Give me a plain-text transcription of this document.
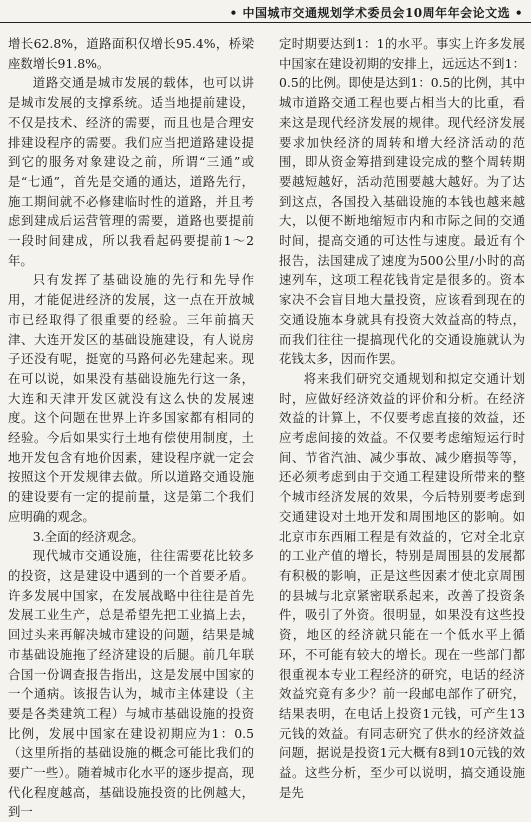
• 中国城市交通规划学术委员会10周年年会论文选 •

增长62.8%，道路面积仅增长95.4%，桥梁座数增长91.8%。

道路交通是城市发展的载体，也可以讲是城市发展的支撑系统。适当地提前建设，不仅是技术、经济的需要，而且也是合理安排建设程序的需要。我们应当把道路建设提到它的服务对象建设之前，所谓“三通”或是“七通”，首先是交通的通达，道路先行，施工期间就不必修建临时性的道路，并且考虑到建成后运营管理的需要，道路也要提前一段时间建成，所以我看起码要提前1～2年。

只有发挥了基础设施的先行和先导作用，才能促进经济的发展，这一点在开放城市已经取得了很重要的经验。三年前搞天津、大连开发区的基础设施建设，有人说房子还没有呢，挺宽的马路何必先建起来。现在可以说，如果没有基础设施先行这一条，大连和天津开发区就没有这么快的发展速度。这个问题在世界上许多国家都有相同的经验。今后如果实行土地有偿使用制度，土地开发包含有地价因素，建设程序就一定会按照这个开发规律去做。所以道路交通设施的建设要有一定的提前量，这是第二个我们应明确的观念。

3.全面的经济观念。

现代城市交通设施，往往需要花比较多的投资，这是建设中遇到的一个首要矛盾。许多发展中国家，在发展战略中往往是首先发展工业生产，总是希望先把工业搞上去，回过头来再解决城市建设的问题，结果是城市基础设施拖了经济建设的后腿。前几年联合国一份调查报告指出，这是发展中国家的一个通病。该报告认为，城市主体建设（主要是各类建筑工程）与城市基础设施的投资比例，发展中国家在建设初期应为1：0.5（这里所指的基础设施的概念可能比我们的要广一些）。随着城市化水平的逐步提高，现代化程度越高，基础设施投资的比例越大，到一

定时期要达到1：1的水平。事实上许多发展中国家在建设初期的安排上，远远达不到1：0.5的比例。即使是达到1：0.5的比例，其中城市道路交通工程也要占相当大的比重，看来这是现代经济发展的规律。现代经济发展要求加快经济的周转和增大经济活动的范围，即从资金筹措到建设完成的整个周转期要越短越好，活动范围要越大越好。为了达到这点，各国投入基础设施的本钱也越来越大，以便不断地缩短市内和市际之间的交通时间，提高交通的可达性与速度。最近有个报告，法国建成了速度为500公里/小时的高速列车，这项工程花钱肯定是很多的。资本家决不会盲目地大量投资，应该看到现在的交通设施本身就具有投资大效益高的特点，而我们往往一提搞现代化的交通设施就认为花钱太多，因而作罢。

将来我们研究交通规划和拟定交通计划时，应做好经济效益的评价和分析。在经济效益的计算上，不仅要考虑直接的效益，还应考虑间接的效益。不仅要考虑缩短运行时间、节省汽油、减少事故、减少磨损等等，还必须考虑到由于交通工程建设所带来的整个城市经济发展的效果，今后特别要考虑到交通建设对土地开发和周围地区的影响。如北京市东西厢工程是有效益的，它对全北京的工业产值的增长，特别是周围县的发展都有积极的影响，正是这些因素才使北京周围的县城与北京紧密联系起来，改善了投资条件，吸引了外资。很明显，如果没有这些投资，地区的经济就只能在一个低水平上循环，不可能有较大的增长。现在一些部门都很重视本专业工程经济的研究，电话的经济效益究竟有多少？前一段邮电部作了研究，结果表明，在电话上投资1元钱，可产生13元钱的效益。有同志研究了供水的经济效益问题，据说是投资1元大概有8到10元钱的效益。这些分析，至少可以说明，搞交通设施是先
